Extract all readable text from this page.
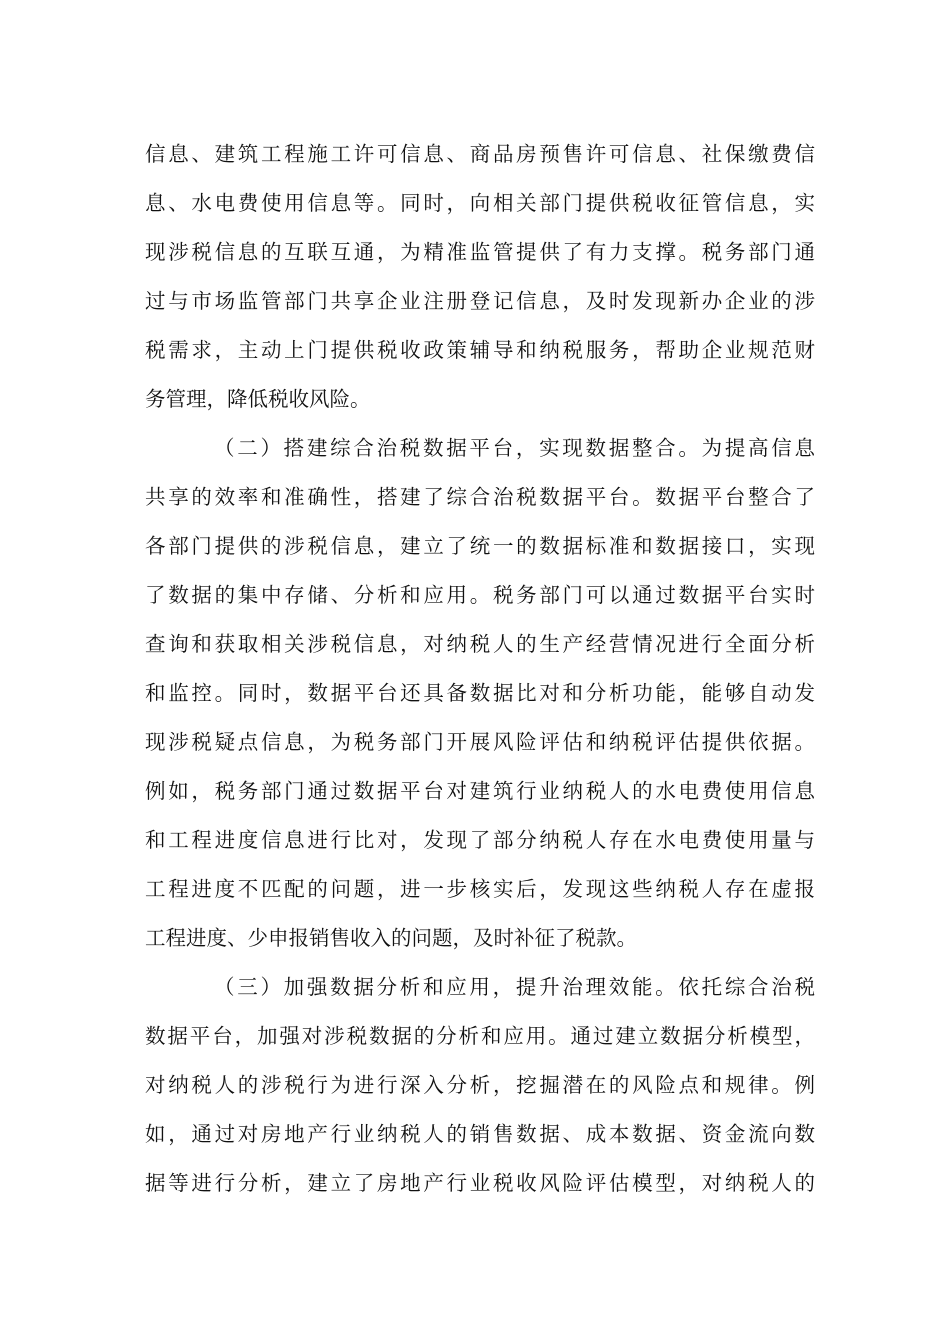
信息、建筑工程施工许可信息、商品房预售许可信息、社保缴费信
息、水电费使用信息等。同时，向相关部门提供税收征管信息，实
现涉税信息的互联互通，为精准监管提供了有力支撑。税务部门通
过与市场监管部门共享企业注册登记信息，及时发现新办企业的涉
税需求，主动上门提供税收政策辅导和纳税服务，帮助企业规范财
务管理，降低税收风险。
（二）搭建综合治税数据平台，实现数据整合。为提高信息
共享的效率和准确性，搭建了综合治税数据平台。数据平台整合了
各部门提供的涉税信息，建立了统一的数据标准和数据接口，实现
了数据的集中存储、分析和应用。税务部门可以通过数据平台实时
查询和获取相关涉税信息，对纳税人的生产经营情况进行全面分析
和监控。同时，数据平台还具备数据比对和分析功能，能够自动发
现涉税疑点信息，为税务部门开展风险评估和纳税评估提供依据。
例如，税务部门通过数据平台对建筑行业纳税人的水电费使用信息
和工程进度信息进行比对，发现了部分纳税人存在水电费使用量与
工程进度不匹配的问题，进一步核实后，发现这些纳税人存在虚报
工程进度、少申报销售收入的问题，及时补征了税款。
（三）加强数据分析和应用，提升治理效能。依托综合治税
数据平台，加强对涉税数据的分析和应用。通过建立数据分析模型，
对纳税人的涉税行为进行深入分析，挖掘潜在的风险点和规律。例
如，通过对房地产行业纳税人的销售数据、成本数据、资金流向数
据等进行分析，建立了房地产行业税收风险评估模型，对纳税人的
